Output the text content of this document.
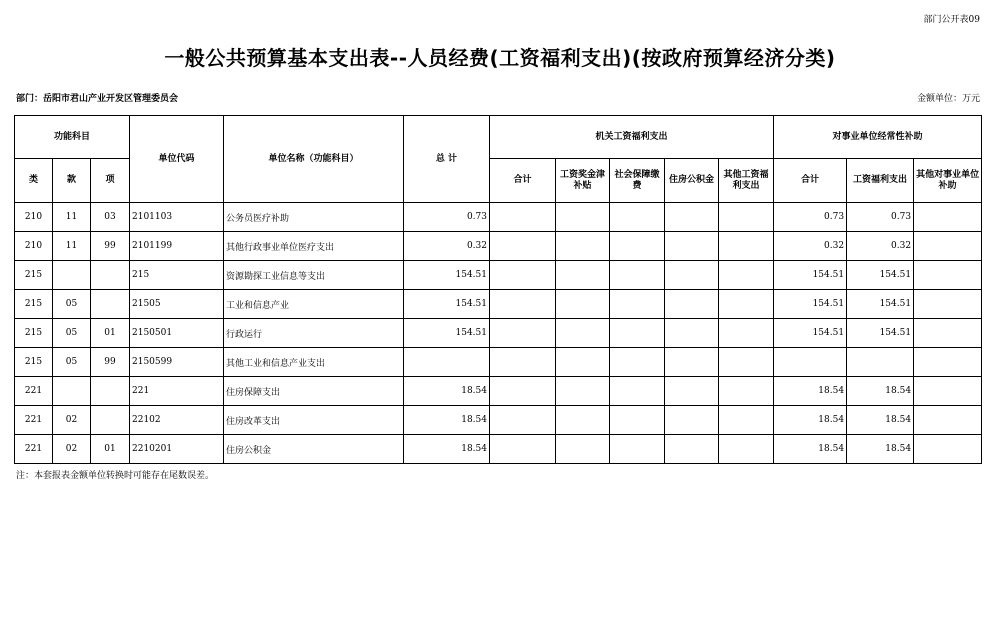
部门公开表09
一般公共预算基本支出表--人员经费(工资福利支出)(按政府预算经济分类)
部门：岳阳市君山产业开发区管理委员会	金额单位：万元
功能科目			单位代码	单位名称（功能科目）	总 计	机关工资福利支出					对事业单位经常性补助		
类	款	项				合计	工资奖金津补贴	社会保障缴费	住房公积金	其他工资福利支出	合计	工资福利支出	其他对事业单位补助
210	11	03	2101103	公务员医疗补助	0.73						0.73	0.73	
210	11	99	2101199	其他行政事业单位医疗支出	0.32						0.32	0.32	
215			215	资源勘探工业信息等支出	154.51						154.51	154.51	
215	05		21505	工业和信息产业	154.51						154.51	154.51	
215	05	01	2150501	行政运行	154.51						154.51	154.51	
215	05	99	2150599	其他工业和信息产业支出									
221			221	住房保障支出	18.54						18.54	18.54	
221	02		22102	住房改革支出	18.54						18.54	18.54	
221	02	01	2210201	住房公积金	18.54						18.54	18.54	
注：本套报表金额单位转换时可能存在尾数误差。
